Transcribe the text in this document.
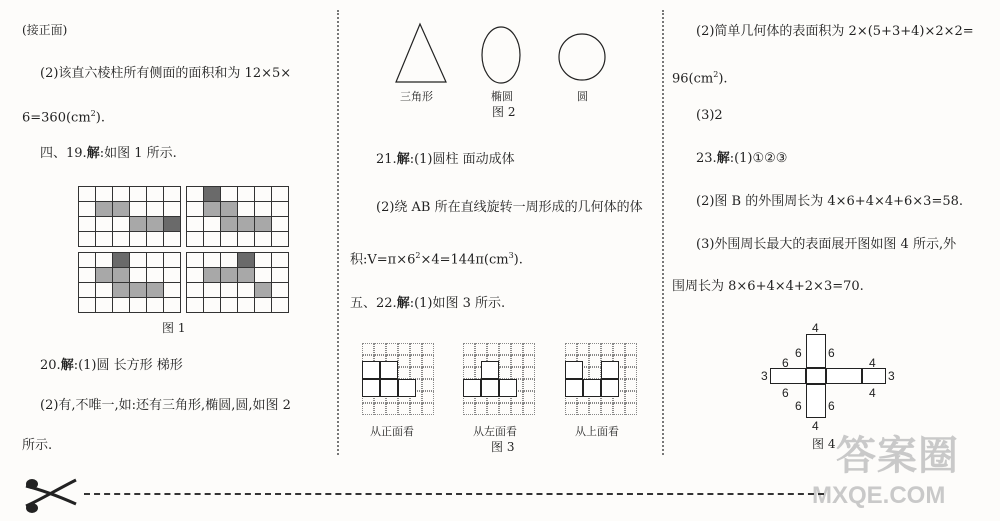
(接正面)
(2)该直六棱柱所有侧面的面积和为 12×5×
$6=360(cm^2)$.
四、19.解:如图 1 所示.

图 1
20.解:(1)圆 长方形 梯形
(2)有,不唯一,如:还有三角形,椭圆,圆,如图 2
所示.
三角形	椭圆	圆
图 2
21.解:(1)圆柱 面动成体
(2)绕 AB 所在直线旋转一周形成的几何体的体
积$:V=\pi\times 6^2\times 4=144\pi(cm^3)$.
五、22.解:(1)如图 3 所示.
从正面看	从左面看	从上面看
图 3
(2)简单几何体的表面积为 2×(5+3+4)×2×2=
$96(cm^2)$.
(3)2
23.解:(1)①②③
(2)图 B 的外围周长为 4×6+4×4+6×3=58.
(3)外围周长最大的表面展开图如图 4 所示,外
围周长为 8×6+4×4+2×3=70.
4
6 6
6	4
3	3
6	4
6 6
4
图 4 答案圈
MXQE.COM
